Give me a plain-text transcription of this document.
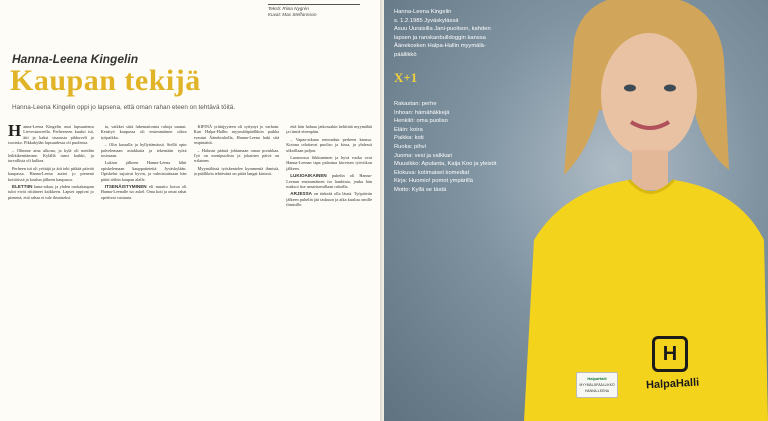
Teksti: Riina Nygrén
Kuvat: Max Steffansson
Hanna-Leena Kingelin
Kaupan tekijä
Hanna-Leena Kingelin oppi jo lapsena, että oman rahan eteen on tehtävä töitä.

Hanna-Leena Kingelin asui lapsuutensa Lievestuoreella. Perheeseen kuului isä, äiti ja kaksi sisarusta pikkuveli ja isosisko. Pikkukylän lapsuudessa oli puolensa.

– Olimme aina ulkona, ja kylä oli meidän leikkikenttämme. Kylällä tunsi kaikki, ja turvallista oli kulkea.

Perheen isä oli yrittäjä ja äiti teki pitkää päivää kaupassa. Hanna-Leena auttoi jo pienenä kotitöissä ja koulun jälkeen kaupassa.

ELETTIIN lama-aikaa, ja yhden ruokakaupan tulot eivät riittäneet kaikkeen. Lapset oppivat jo pienenä, että rahaa ei tule ilmaiseksi.

ta, vaikkei siitä lukemattomia rahoja saanut. Kesätyö kaupassa oli ensimmäinen oikea työpaikka.

– Olin kassalla ja hyllyttämässä. Siellä opin palvelemaan asiakkaita ja tekemään työtä tosissaan.

Lukion jälkeen Hanna-Leena lähti opiskelemaan kauppatieteitä Jyväskylään. Opiskelut sujuivat hyvin, ja valmistuttuaan hän pääsi töihin kaupan alalle.

ITSENÄISTYMINEN eli muutto kotoa oli Hanna-Leenalle iso askel. Oma koti ja omat rahat opettivat vastuuta.

KIPINÄ yrittäjyyteen oli syttynyt jo varhain. Kun Halpa-Hallin myymäläpäällikön paikka avautui Äänekoskella, Hanna-Leena haki sitä empimättä.

– Halusin päästä johtamaan omaa porukkaa. Työ on monipuolista ja jokainen päivä on erilainen.

Myymälässä työskentelee kymmeniä ihmisiä, ja päällikön tehtävänä on pitää langat käsissä.

että hän haluaa jatkossakin kehittää myymälää ja tiimiä eteenpäin.

– Vapaa-aikana rentoudun perheen kanssa. Kotona odottavat puoliso ja kissa, ja yhdessä ulkoillaan paljon.

Luonnossa liikkuminen ja hyvä ruoka ovat Hanna-Leenan tapa palautua kiireisen työviikon jälkeen.

LUKIOAIKAINEN puhelin oli Hanna-Leenan ensimmäinen iso hankinta, jonka hän maksoi itse ansaitsemillaan rahoilla.

ARJESSA on tärkeää olla läsnä. Työpäivän jälkeen puhelin jää taskuun ja aika kuuluu omille ihmisille.

Hanna-Leena Kingelin
s. 1.2.1985 Jyväskylässä
Asuu Uuraisilla Jani-puolison, kahden
lapsen ja ranskanbulldoggin kanssa
Äänekosken Halpa-Hallin myymälä-
päällikkö
X+1
Rakastan: perhe
Inhoan: hämähäkkejä
Henkilö: oma puoliso
Eläin: koira
Paikka: koti
Ruoka: pihvi
Juoma: vesi ja valkkari
Muusikko: Apulanta, Kaija Koo ja yleisöt
Elokuva: kotimaiset komediat
Kirja: Huomio! pomot ympärillä
Motto: Kyllä se tästä
H
HalpaHalli
HalpaHalli
MYYMÄLÄPÄÄLLIKKÖ
HANNA-LEENA
